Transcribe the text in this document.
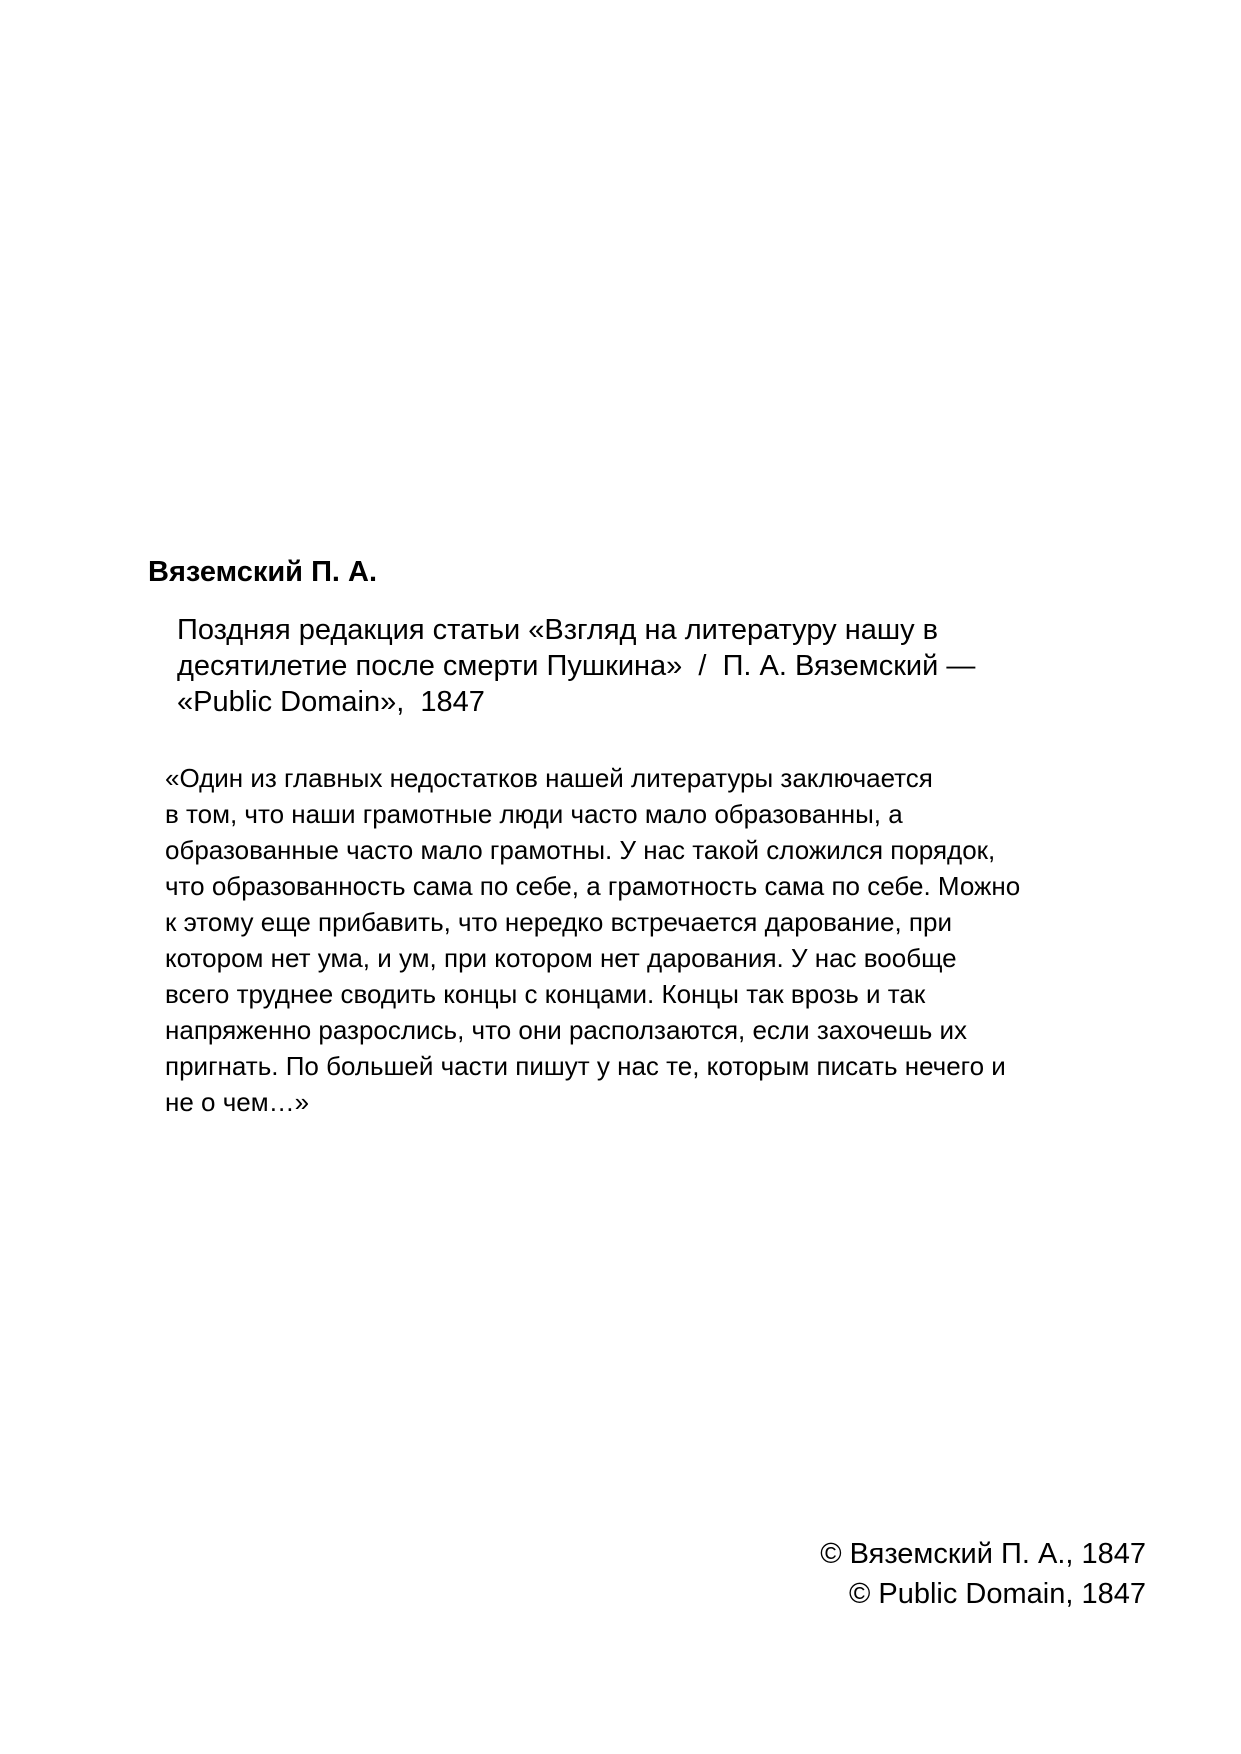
Вяземский П. А.

Поздняя редакция статьи «Взгляд на литературу нашу в
десятилетие после смерти Пушкина»  /  П. А. Вяземский —
«Public Domain»,  1847

«Один из главных недостатков нашей литературы заключается
в том, что наши грамотные люди часто мало образованны, а
образованные часто мало грамотны. У нас такой сложился порядок,
что образованность сама по себе, а грамотность сама по себе. Можно
к этому еще прибавить, что нередко встречается дарование, при
котором нет ума, и ум, при котором нет дарования. У нас вообще
всего труднее сводить концы с концами. Концы так врозь и так
напряженно разрослись, что они расползаются, если захочешь их
пригнать. По большей части пишут у нас те, которым писать нечего и
не о чем…»

© Вяземский П. А., 1847
© Public Domain, 1847
